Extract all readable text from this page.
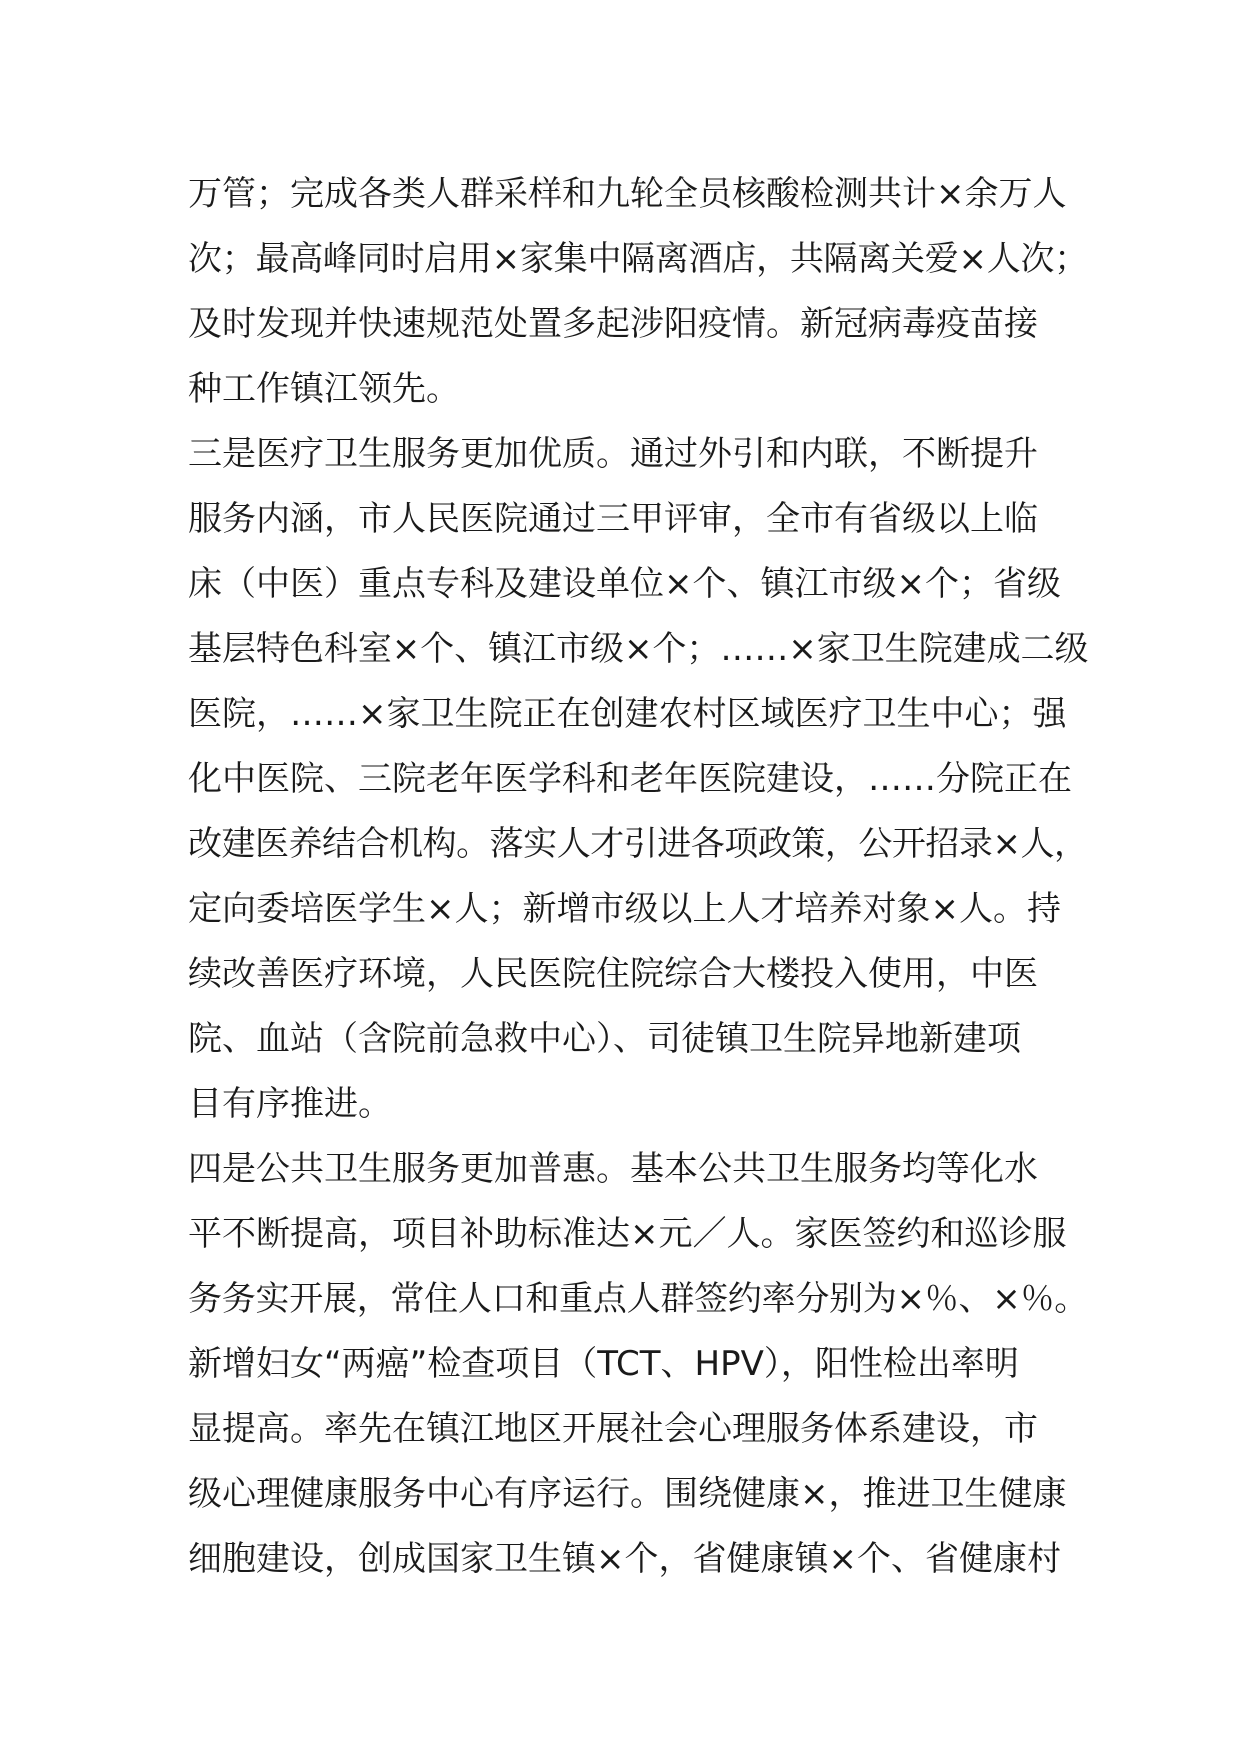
万管；完成各类人群采样和九轮全员核酸检测共计×余万人
次；最高峰同时启用×家集中隔离酒店，共隔离关爱×人次；
及时发现并快速规范处置多起涉阳疫情。新冠病毒疫苗接
种工作镇江领先。
三是医疗卫生服务更加优质。通过外引和内联，不断提升
服务内涵，市人民医院通过三甲评审，全市有省级以上临
床（中医）重点专科及建设单位×个、镇江市级×个；省级
基层特色科室×个、镇江市级×个；……×家卫生院建成二级
医院，……×家卫生院正在创建农村区域医疗卫生中心；强
化中医院、三院老年医学科和老年医院建设，……分院正在
改建医养结合机构。落实人才引进各项政策，公开招录×人，
定向委培医学生×人；新增市级以上人才培养对象×人。持
续改善医疗环境，人民医院住院综合大楼投入使用，中医
院、血站（含院前急救中心）、司徒镇卫生院异地新建项
目有序推进。
四是公共卫生服务更加普惠。基本公共卫生服务均等化水
平不断提高，项目补助标准达×元／人。家医签约和巡诊服
务务实开展，常住人口和重点人群签约率分别为×％、×％。
新增妇女“两癌”检查项目（TCT、HPV），阳性检出率明
显提高。率先在镇江地区开展社会心理服务体系建设，市
级心理健康服务中心有序运行。围绕健康×，推进卫生健康
细胞建设，创成国家卫生镇×个，省健康镇×个、省健康村
